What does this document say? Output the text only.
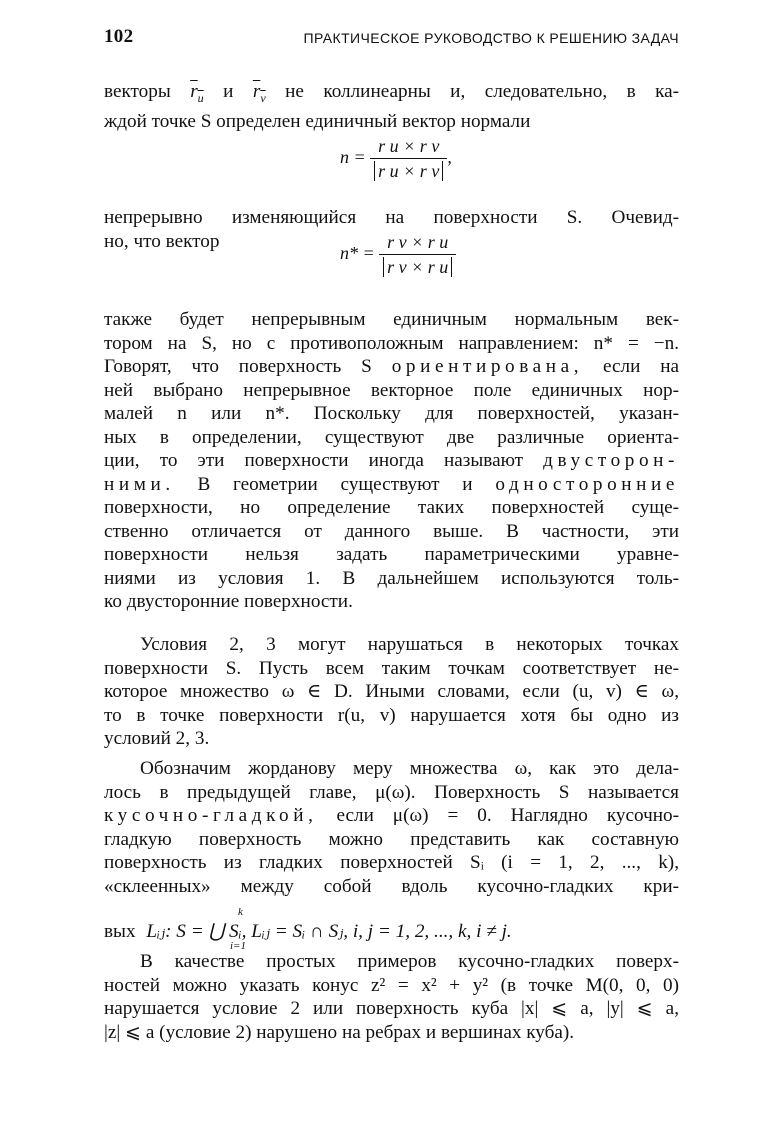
102	ПРАКТИЧЕСКОЕ РУКОВОДСТВО К РЕШЕНИЮ ЗАДАЧ

векторы $r_u$ и $r_v$ не коллинеарны и, следовательно, в ка-

ждой точке S определен единичный вектор нормали

$n = \frac{\text{r u × r v}}{\text{r u × r v}}$ ,

непрерывно изменяющийся на поверхности S. Очевид-

но, что вектор

$n* = \frac{\text{r v × r u}}{\text{r v × r u}}$

также будет непрерывным единичным нормальным век-

тором на S, но с противоположным направлением: n* = −n.

Говорят, что поверхность S ориентирована, если на

ней выбрано непрерывное векторное поле единичных нор-

малей n или n*. Поскольку для поверхностей, указан-

ных в определении, существуют две различные ориента-

ции, то эти поверхности иногда называют двусторон-

ними. В геометрии существуют и односторонние

поверхности, но определение таких поверхностей суще-

ственно отличается от данного выше. В частности, эти

поверхности нельзя задать параметрическими уравне-

ниями из условия 1. В дальнейшем используются толь-

ко двусторонние поверхности.

Условия 2, 3 могут нарушаться в некоторых точках

поверхности S. Пусть всем таким точкам соответствует не-

которое множество ω ∈ D. Иными словами, если (u, v) ∈ ω,

то в точке поверхности r(u, v) нарушается хотя бы одно из

условий 2, 3.

Обозначим жорданову меру множества ω, как это дела-

лось в предыдущей главе, μ(ω). Поверхность S называется

кусочно-гладкой, если μ(ω) = 0. Наглядно кусочно-

гладкую поверхность можно представить как составную

поверхность из гладких поверхностей Sᵢ (i = 1, 2, ..., k),

«склеенных» между собой вдоль кусочно-гладких кри-

вых Lᵢⱼ: S = ⋃ Sᵢ, Lᵢⱼ = Sᵢ ∩ Sⱼ, i, j = 1, 2, ..., k, i ≠ j.
k
i=1

В качестве простых примеров кусочно-гладких поверх-

ностей можно указать конус z² = x² + y² (в точке M(0, 0, 0)

нарушается условие 2 или поверхность куба |x| ⩽ a, |y| ⩽ a,

|z| ⩽ a (условие 2) нарушено на ребрах и вершинах куба).
